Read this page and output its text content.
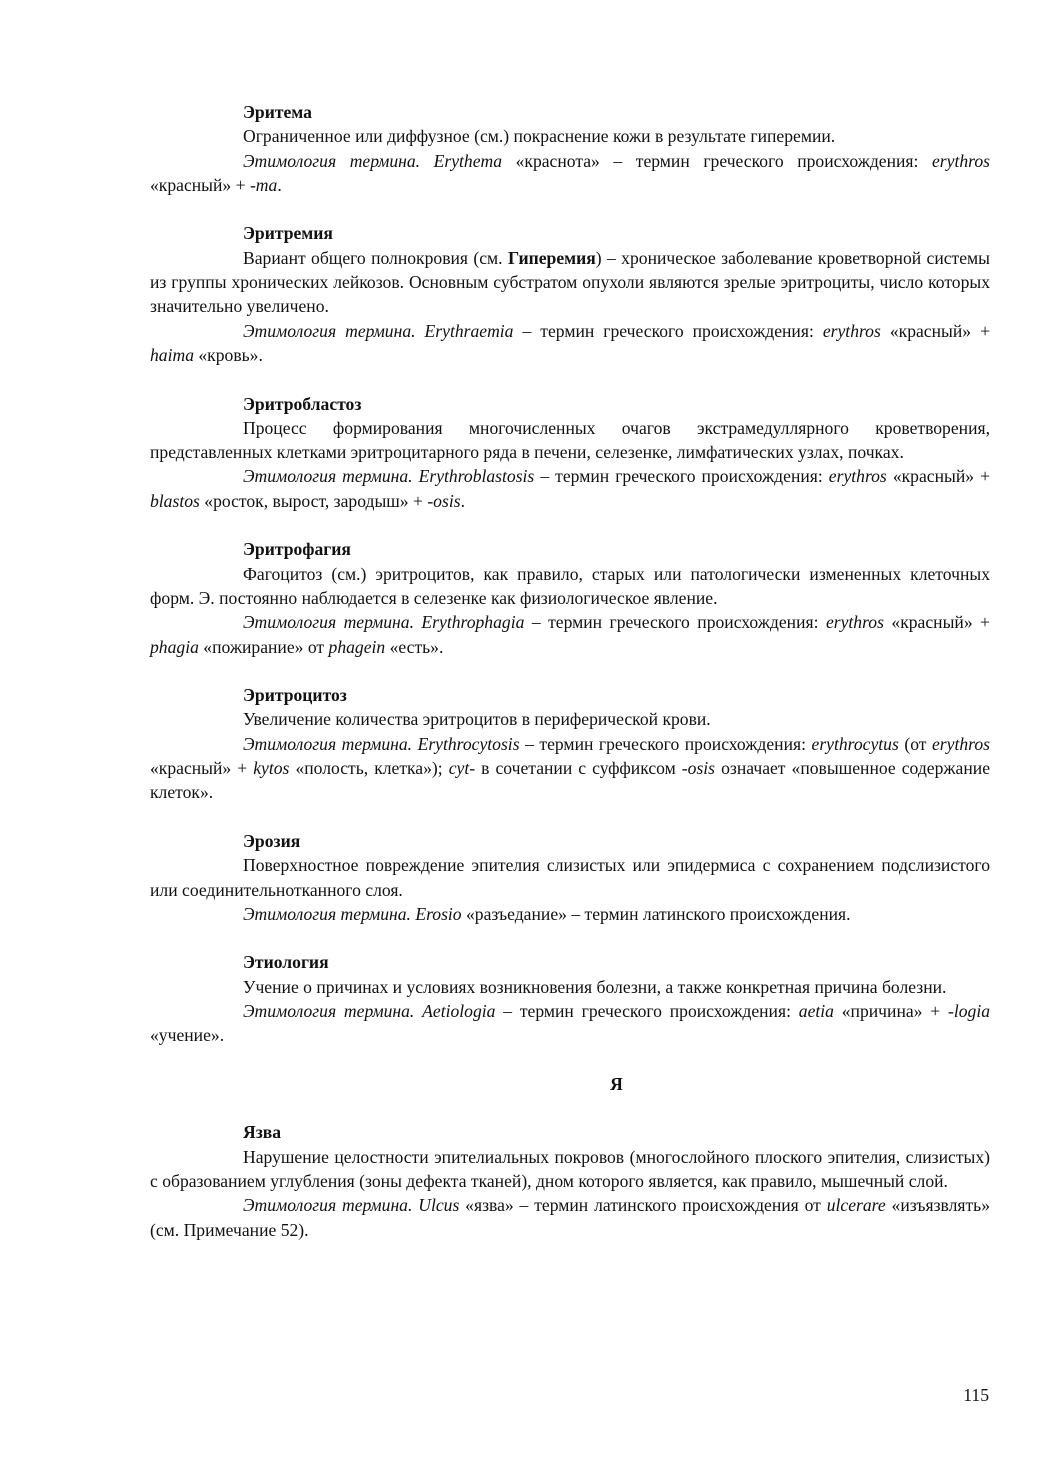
Эритема

Ограниченное или диффузное (см.) покраснение кожи в результате гиперемии.

Этимология термина. Erythema «краснота» – термин греческого происхождения: erythros «красный» + -ma.

Эритремия

Вариант общего полнокровия (см. Гиперемия) – хроническое заболевание кроветворной системы из группы хронических лейкозов. Основным субстратом опухоли являются зрелые эритроциты, число которых значительно увеличено.

Этимология термина. Erythraemia – термин греческого происхождения: erythros «красный» + haima «кровь».

Эритробластоз

Процесс формирования многочисленных очагов экстрамедуллярного кроветворения, представленных клетками эритроцитарного ряда в печени, селезенке, лимфатических узлах, почках.

Этимология термина. Erythroblastosis – термин греческого происхождения: erythros «красный» + blastos «росток, вырост, зародыш» + -osis.

Эритрофагия

Фагоцитоз (см.) эритроцитов, как правило, старых или патологически измененных клеточных форм. Э. постоянно наблюдается в селезенке как физиологическое явление.

Этимология термина. Erythrophagia – термин греческого происхождения: erythros «красный» + phagia «пожирание» от phagein «есть».

Эритроцитоз

Увеличение количества эритроцитов в периферической крови.

Этимология термина. Erythrocytosis – термин греческого происхождения: erythrocytus (от erythros «красный» + kytos «полость, клетка»); cyt- в сочетании с суффиксом -osis означает «повышенное содержание клеток».

Эрозия

Поверхностное повреждение эпителия слизистых или эпидермиса с сохранением подслизистого или соединительнотканного слоя.

Этимология термина. Erosio «разъедание» – термин латинского происхождения.

Этиология

Учение о причинах и условиях возникновения болезни, а также конкретная причина болезни.

Этимология термина. Aetiologia – термин греческого происхождения: aetia «причина» + -logia «учение».

Я
Язва

Нарушение целостности эпителиальных покровов (многослойного плоского эпителия, слизистых) с образованием углубления (зоны дефекта тканей), дном которого является, как правило, мышечный слой.

Этимология термина. Ulcus «язва» – термин латинского происхождения от ulcerare «изъязвлять» (см. Примечание 52).

115
